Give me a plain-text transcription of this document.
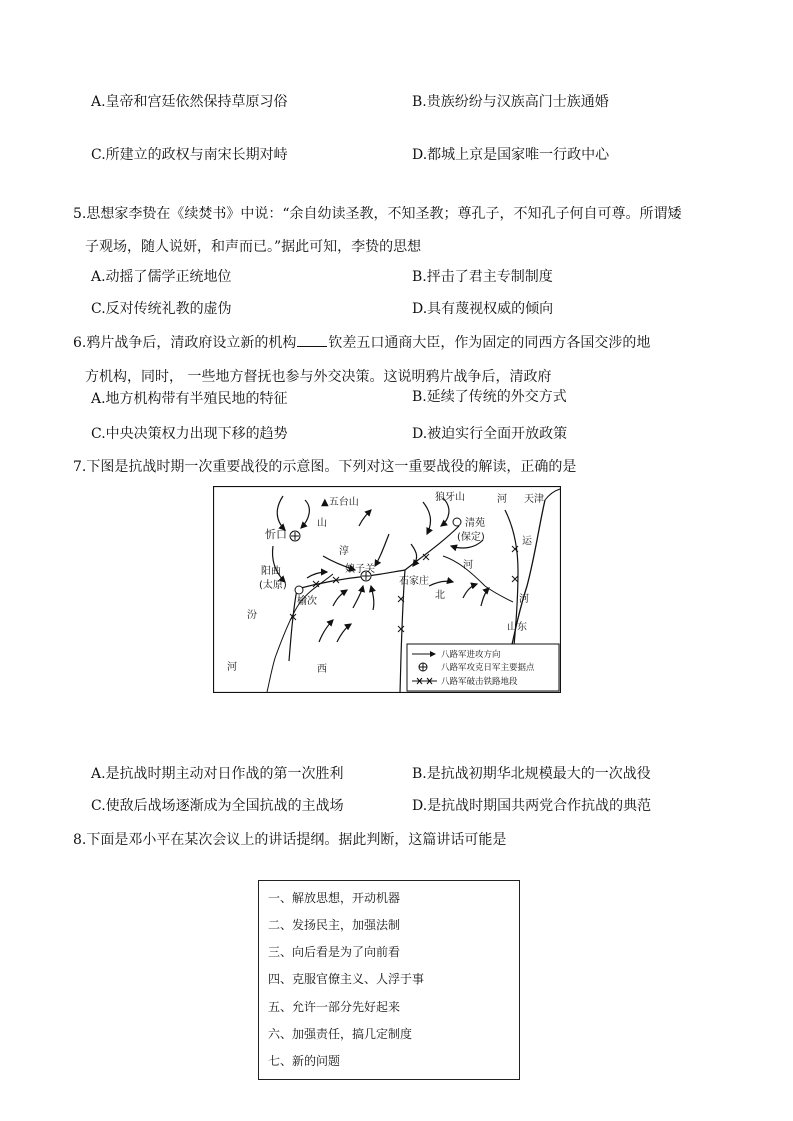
A.皇帝和宫廷依然保持草原习俗	B.贵族纷纷与汉族高门士族通婚
C.所建立的政权与南宋长期对峙	D.都城上京是国家唯一行政中心
5.思想家李贽在《续焚书》中说：“余自幼读圣教，不知圣教；尊孔子，不知孔子何自可尊。所谓矮
子观场，随人说妍，和声而已。”据此可知，李贽的思想
A.动摇了儒学正统地位	B.抨击了君主专制制度
C.反对传统礼教的虚伪	D.具有蔑视权威的倾向
6.鸦片战争后，清政府设立新的机构 钦差五口通商大臣，作为固定的同西方各国交涉的地
方机构，同时， 一些地方督抚也参与外交决策。这说明鸦片战争后，清政府
A.地方机构带有半殖民地的特征	B.延续了传统的外交方式
C.中央决策权力出现下移的趋势	D.被迫实行全面开放政策
7.下图是抗战时期一次重要战役的示意图。下列对这一重要战役的解读，正确的是
▲五台山	狼牙山	河 天津
忻口
山	清苑
(保定)	运
淳
娘子关
阳曲
(太原)	石家庄
河
榆次
北	河
汾
山东
河	西
八路军进攻方向
八路军攻克日军主要据点
八路军破击铁路地段
A.是抗战时期主动对日作战的第一次胜利	B.是抗战初期华北规模最大的一次战役
C.使敌后战场逐渐成为全国抗战的主战场	D.是抗战时期国共两党合作抗战的典范
8.下面是邓小平在某次会议上的讲话提纲。据此判断，这篇讲话可能是
一、解放思想，开动机器
二、发扬民主，加强法制
三、向后看是为了向前看
四、克服官僚主义、人浮于事
五、允许一部分先好起来
六、加强责任，搞几定制度
七、新的问题
